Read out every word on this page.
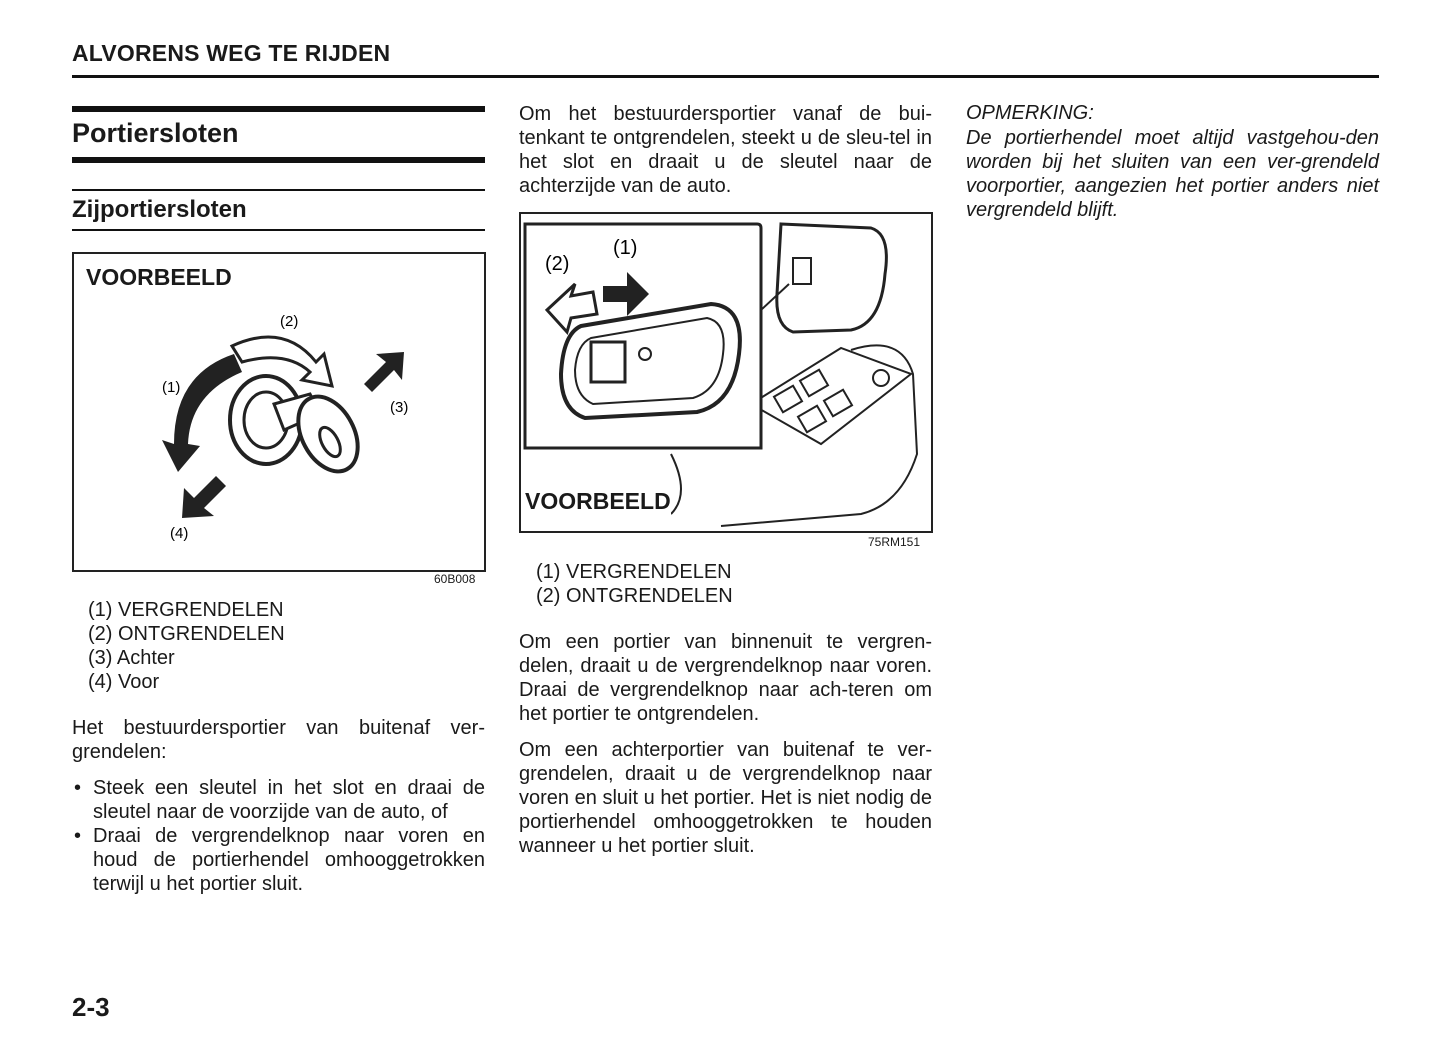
ALVORENS WEG TE RIJDEN
Portiersloten
Zijportiersloten
VOORBEELD
(2)
(1)
(3)
(4)
60B008
(1) VERGRENDELEN
(2) ONTGRENDELEN
(3) Achter
(4) Voor
Het bestuurdersportier van buitenaf ver-grendelen:
• Steek een sleutel in het slot en draai de sleutel naar de voorzijde van de auto, of
• Draai de vergrendelknop naar voren en houd de portierhendel omhooggetrokken terwijl u het portier sluit.
Om het bestuurdersportier vanaf de bui-tenkant te ontgrendelen, steekt u de sleu-tel in het slot en draait u de sleutel naar de achterzijde van de auto.
(1)
(2)
VOORBEELD
75RM151
(1) VERGRENDELEN
(2) ONTGRENDELEN
Om een portier van binnenuit te vergren-delen, draait u de vergrendelknop naar voren. Draai de vergrendelknop naar ach-teren om het portier te ontgrendelen.
Om een achterportier van buitenaf te ver-grendelen, draait u de vergrendelknop naar voren en sluit u het portier. Het is niet nodig de portierhendel omhooggetrokken te houden wanneer u het portier sluit.
OPMERKING:
De portierhendel moet altijd vastgehou-den worden bij het sluiten van een ver-grendeld voorportier, aangezien het portier anders niet vergrendeld blijft.
2-3
